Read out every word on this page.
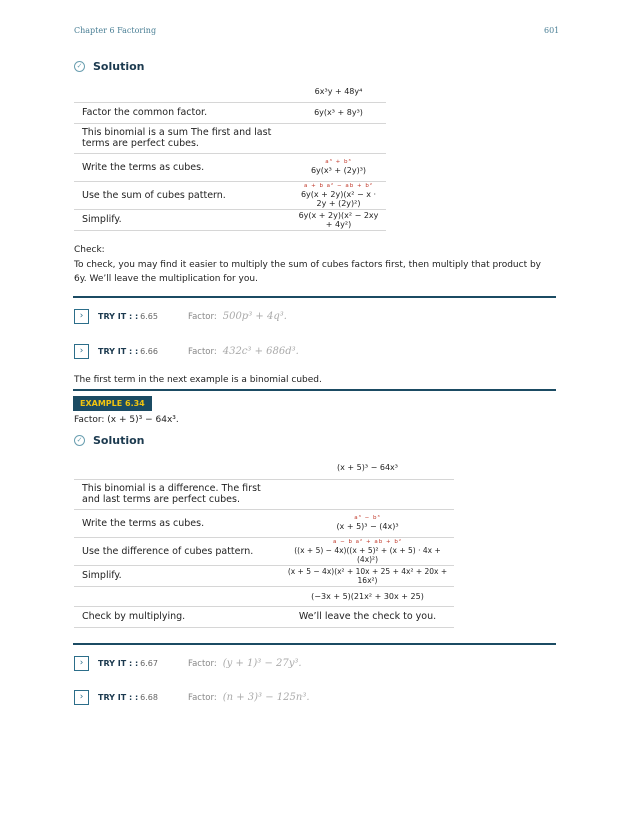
Chapter 6 Factoring	601
✓ Solution
	6x³y + 48y⁴
Factor the common factor.	6y(x³ + 8y³)
This binomial is a sum The first and last terms are perfect cubes.	
Write the terms as cubes.	a³ + b³
6y(x³ + (2y)³)
Use the sum of cubes pattern.	a + b a² − ab + b²
6y(x + 2y)(x² − x · 2y + (2y)²)
Simplify.	6y(x + 2y)(x² − 2xy + 4y²)
Check:
To check, you may find it easier to multiply the sum of cubes factors first, then multiply that product by 6y. We’ll leave the multiplication for you.
›	TRY IT : : 6.65	Factor: 500p³ + 4q³.
›	TRY IT : : 6.66	Factor: 432c³ + 686d³.
The first term in the next example is a binomial cubed.
EXAMPLE 6.34
Factor: (x + 5)³ − 64x³.
✓ Solution
	(x + 5)³ − 64x³
This binomial is a difference. The first and last terms are perfect cubes.	
Write the terms as cubes.	a³ − b³
(x + 5)³ − (4x)³
Use the difference of cubes pattern.	a − b a² + ab + b²
((x + 5) − 4x)((x + 5)² + (x + 5) · 4x + (4x)²)
Simplify.	(x + 5 − 4x)(x² + 10x + 25 + 4x² + 20x + 16x²)
	(−3x + 5)(21x² + 30x + 25)
Check by multiplying.	We’ll leave the check to you.
›	TRY IT : : 6.67	Factor: (y + 1)³ − 27y³.
›	TRY IT : : 6.68	Factor: (n + 3)³ − 125n³.
